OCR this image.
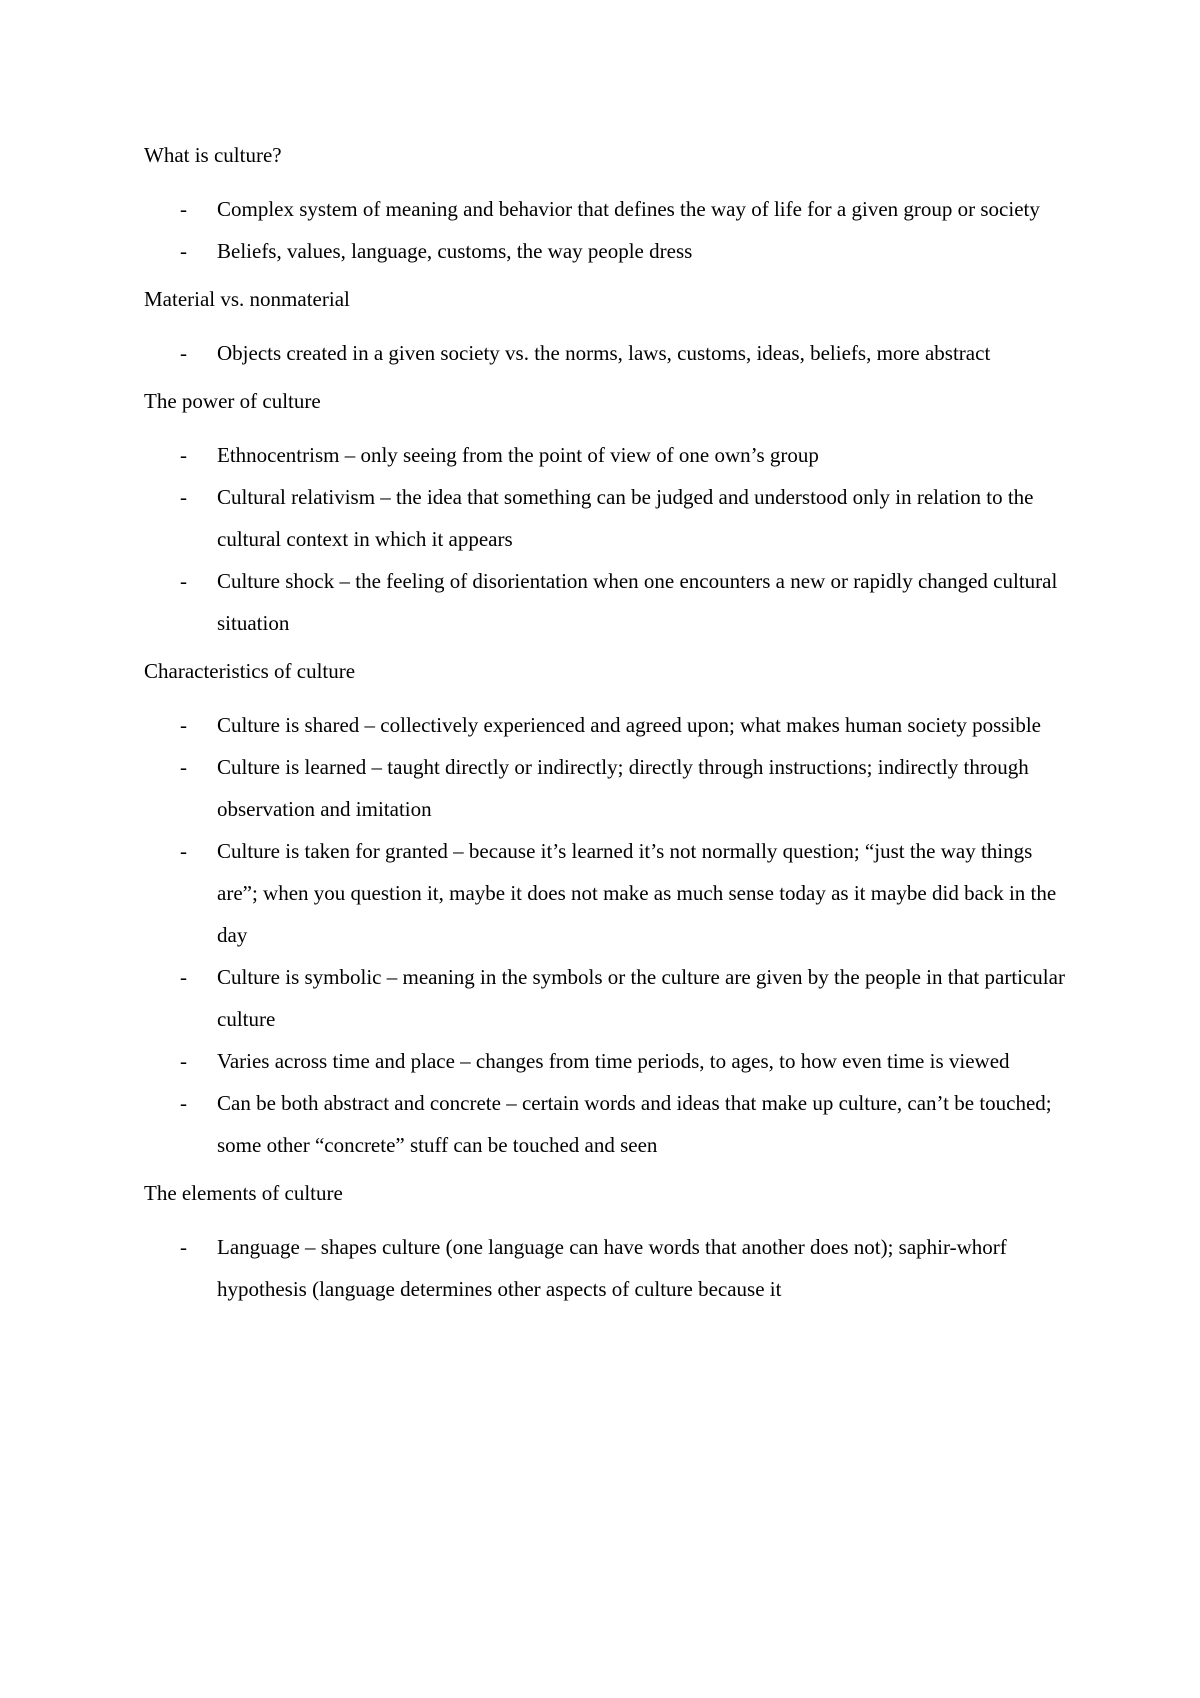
What is culture?
- Complex system of meaning and behavior that defines the way of life for a given group or society
- Beliefs, values, language, customs, the way people dress
Material vs. nonmaterial
- Objects created in a given society vs. the norms, laws, customs, ideas, beliefs, more abstract
The power of culture
- Ethnocentrism – only seeing from the point of view of one own’s group
- Cultural relativism – the idea that something can be judged and understood only in relation to the cultural context in which it appears
- Culture shock – the feeling of disorientation when one encounters a new or rapidly changed cultural situation
Characteristics of culture
- Culture is shared – collectively experienced and agreed upon; what makes human society possible
- Culture is learned – taught directly or indirectly; directly through instructions; indirectly through observation and imitation
- Culture is taken for granted – because it’s learned it’s not normally question; “just the way things are”; when you question it, maybe it does not make as much sense today as it maybe did back in the day
- Culture is symbolic – meaning in the symbols or the culture are given by the people in that particular culture
- Varies across time and place – changes from time periods, to ages, to how even time is viewed
- Can be both abstract and concrete – certain words and ideas that make up culture, can’t be touched; some other “concrete” stuff can be touched and seen
The elements of culture
- Language – shapes culture (one language can have words that another does not); saphir-whorf hypothesis (language determines other aspects of culture because it
